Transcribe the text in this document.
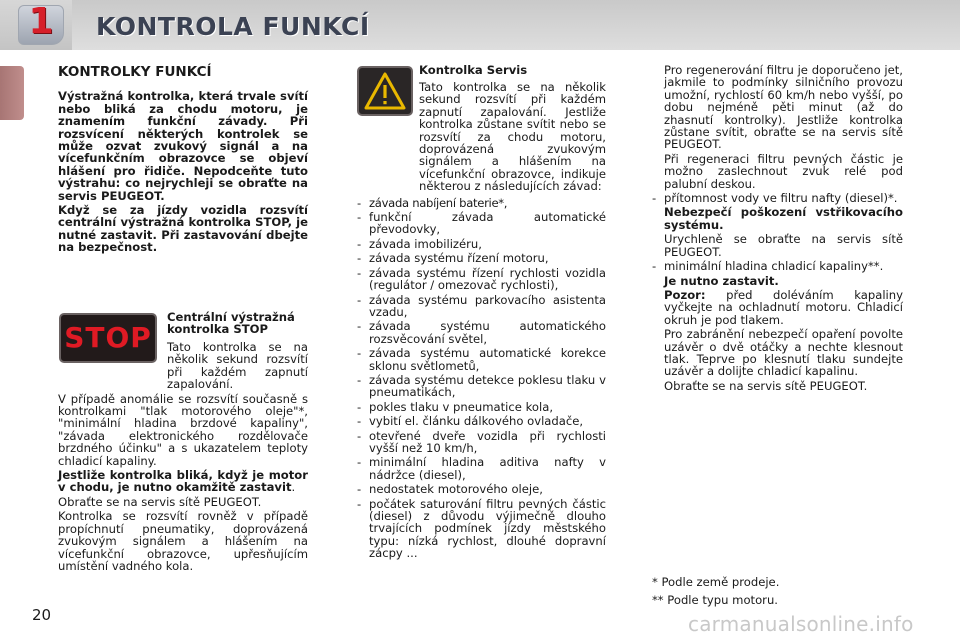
1	KONTROLA FUNKCÍ
KONTROLKY FUNKCÍ

Výstražná kontrolka, která trvale svítí nebo bliká za chodu motoru, je znamením funkční závady. Při rozsvícení některých kontrolek se může ozvat zvukový signál a na vícefunkčním obrazovce se objeví hlášení pro řidiče. Nepodceňte tuto výstrahu: co nejrychleji se obraťte na servis PEUGEOT.

Když se za jízdy vozidla rozsvítí centrální výstražná kontrolka STOP, je nutné zastavit. Při zastavování dbejte na bezpečnost.

STOP

Centrální výstražná kontrolka STOP

Tato kontrolka se na několik sekund rozsvítí při každém zapnutí zapalování.

V případě anomálie se rozsvítí současně s kontrolkami "tlak motorového oleje"*, "minimální hladina brzdové kapaliny", "závada elektronického rozdělovače brzdného účinku" a s ukazatelem teploty chladicí kapaliny.

Jestliže kontrolka bliká, když je motor v chodu, je nutno okamžitě zastavit.

Obraťte se na servis sítě PEUGEOT.

Kontrolka se rozsvítí rovněž v případě propíchnutí pneumatiky, doprovázená zvukovým signálem a hlášením na vícefunkční obrazovce, upřesňujícím umístění vadného kola.

Kontrolka Servis

Tato kontrolka se na několik sekund rozsvítí při každém zapnutí zapalování. Jestliže kontrolka zůstane svítit nebo se rozsvítí za chodu motoru, doprovázená zvukovým signálem a hlášením na vícefunkční obrazovce, indikuje některou z následujících závad:

- závada nabíjení baterie*,
- funkční závada automatické převodovky,
- závada imobilizéru,
- závada systému řízení motoru,
- závada systému řízení rychlosti vozidla (regulátor / omezovač rychlosti),
- závada systému parkovacího asistenta vzadu,
- závada systému automatického rozsvěcování světel,
- závada systému automatické korekce sklonu světlometů,
- závada systému detekce poklesu tlaku v pneumatikách,
- pokles tlaku v pneumatice kola,
- vybití el. článku dálkového ovladače,
- otevřené dveře vozidla při rychlosti vyšší než 10 km/h,
- minimální hladina aditiva nafty v nádržce (diesel),
- nedostatek motorového oleje,
- počátek saturování filtru pevných částic (diesel) z důvodu výjimečně dlouho trvajících podmínek jízdy městského typu: nízká rychlost, dlouhé dopravní zácpy ...

Pro regenerování filtru je doporučeno jet, jakmile to podmínky silničního provozu umožní, rychlostí 60 km/h nebo vyšší, po dobu nejméně pěti minut (až do zhasnutí kontrolky). Jestliže kontrolka zůstane svítit, obraťte se na servis sítě PEUGEOT.

Při regeneraci filtru pevných částic je možno zaslechnout zvuk relé pod palubní deskou.

- přítomnost vody ve filtru nafty (diesel)*.

Nebezpečí poškození vstřikovacího systému.

Urychleně se obraťte na servis sítě PEUGEOT.

- minimální hladina chladicí kapaliny**.

Je nutno zastavit.

Pozor: před doléváním kapaliny vyčkejte na ochladnutí motoru. Chladicí okruh je pod tlakem.

Pro zabránění nebezpečí opaření povolte uzávěr o dvě otáčky a nechte klesnout tlak. Teprve po klesnutí tlaku sundejte uzávěr a dolijte chladicí kapalinu.

Obraťte se na servis sítě PEUGEOT.

* Podle země prodeje.
** Podle typu motoru.
20	carmanualsonline.info
